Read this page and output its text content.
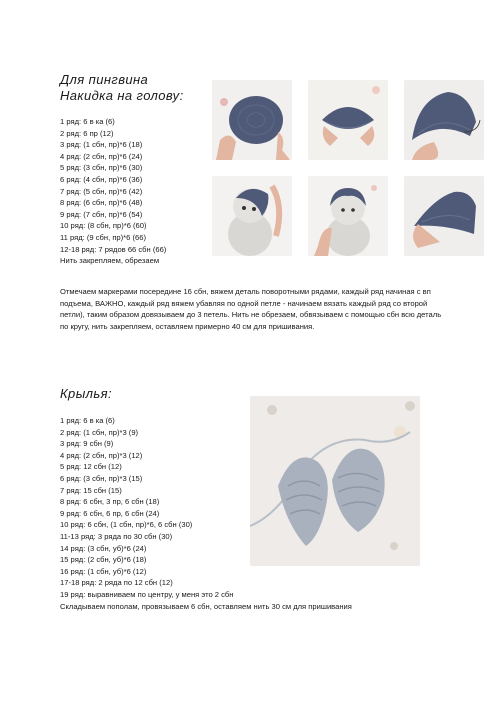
Для пингвина
Накидка на голову:
1 ряд: 6 в ка (6)
2 ряд: 6 пр (12)
3 ряд: (1 сбн, пр)*6 (18)
4 ряд: (2 сбн, пр)*6 (24)
5 ряд: (3 сбн, пр)*6 (30)
6 ряд: (4 сбн, пр)*6 (36)
7 ряд: (5 сбн, пр)*6 (42)
8 ряд: (6 сбн, пр)*6 (48)
9 ряд: (7 сбн, пр)*6 (54)
10 ряд: (8 сбн, пр)*6 (60)
11 ряд: (9 сбн, пр)*6 (66)
12-18 ряд: 7 рядов 66 сбн (66)
Нить закрепляем, обрезаем
Отмечаем маркерами посередине 16 сбн, вяжем деталь поворотными рядами, каждый ряд начиная с вп подъема, ВАЖНО, каждый ряд вяжем убавляя по одной петле - начинаем вязать каждый ряд со второй петли), таким образом довязываем до 3 петель. Нить не обрезаем, обвязываем с помощью сбн всю деталь по кругу, нить закрепляем, оставляем примерно 40 см для пришивания.
Крылья:
1 ряд: 6 в ка (6)
2 ряд: (1 сбн, пр)*3 (9)
3 ряд: 9 сбн (9)
4 ряд: (2 сбн, пр)*3 (12)
5 ряд: 12 сбн (12)
6 ряд: (3 сбн, пр)*3 (15)
7 ряд: 15 сбн (15)
8 ряд: 6 сбн, 3 пр, 6 сбн (18)
9 ряд: 6 сбн, 6 пр, 6 сбн (24)
10 ряд: 6 сбн, (1 сбн, пр)*6, 6 сбн (30)
11-13 ряд: 3 ряда по 30 сбн (30)
14 ряд: (3 сбн, уб)*6 (24)
15 ряд: (2 сбн, уб)*6 (18)
16 ряд: (1 сбн, уб)*6 (12)
17-18 ряд: 2 ряда по 12 сбн (12)
19 ряд: выравниваем по центру, у меня это 2 сбн
Складываем пополам, провязываем 6 сбн, оставляем нить 30 см для пришивания
